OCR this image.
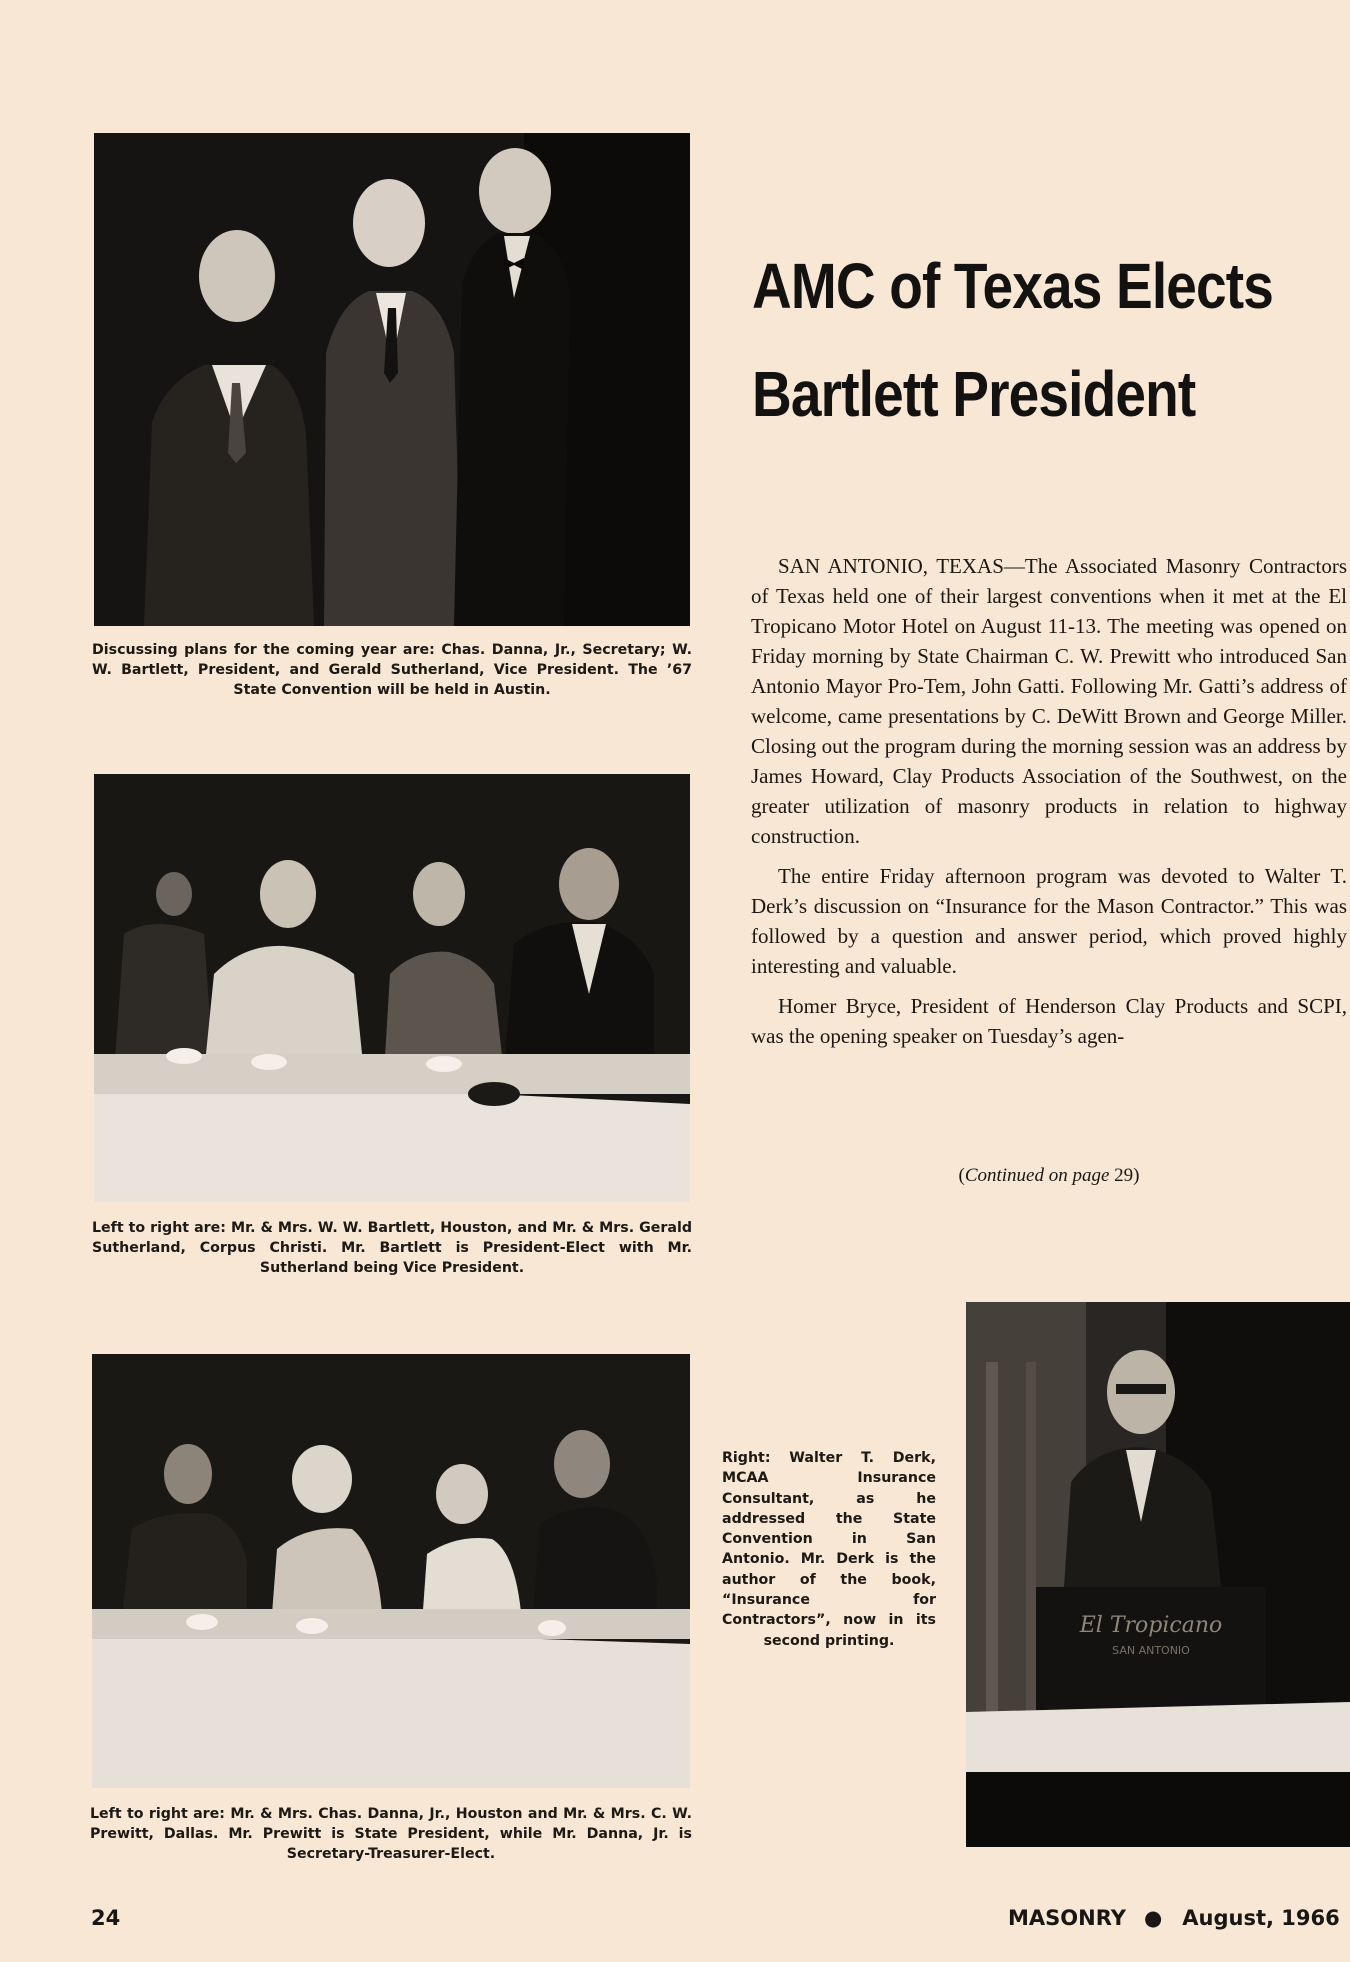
Discussing plans for the coming year are: Chas. Danna, Jr., Secretary; W. W. Bartlett, President, and Gerald Sutherland, Vice President. The ’67 State Convention will be held in Austin.
Left to right are: Mr. & Mrs. W. W. Bartlett, Houston, and Mr. & Mrs. Gerald Sutherland, Corpus Christi. Mr. Bartlett is President-Elect with Mr. Sutherland being Vice President.
Left to right are: Mr. & Mrs. Chas. Danna, Jr., Houston and Mr. & Mrs. C. W. Prewitt, Dallas. Mr. Prewitt is State President, while Mr. Danna, Jr. is Secretary-Treasurer-Elect.
AMC of Texas Elects
Bartlett President

SAN ANTONIO, TEXAS—The Associated Masonry Contractors of Texas held one of their largest conventions when it met at the El Tropicano Motor Hotel on August 11-13. The meeting was opened on Friday morning by State Chairman C. W. Prewitt who introduced San Antonio Mayor Pro-Tem, John Gatti. Following Mr. Gatti’s address of welcome, came presentations by C. DeWitt Brown and George Miller. Closing out the program during the morning session was an address by James Howard, Clay Products Association of the Southwest, on the greater utilization of masonry products in relation to highway construction.

The entire Friday afternoon program was devoted to Walter T. Derk’s discussion on “Insurance for the Mason Contractor.” This was followed by a question and answer period, which proved highly interesting and valuable.

Homer Bryce, President of Henderson Clay Products and SCPI, was the opening speaker on Tuesday’s agen-

(Continued on page 29)
Right: Walter T. Derk, MCAA Insurance Consultant, as he addressed the State Convention in San Antonio. Mr. Derk is the author of the book, “Insurance for Contractors”, now in its second printing.
El Tropicano
SAN ANTONIO
24	MASONRY ● August, 1966
